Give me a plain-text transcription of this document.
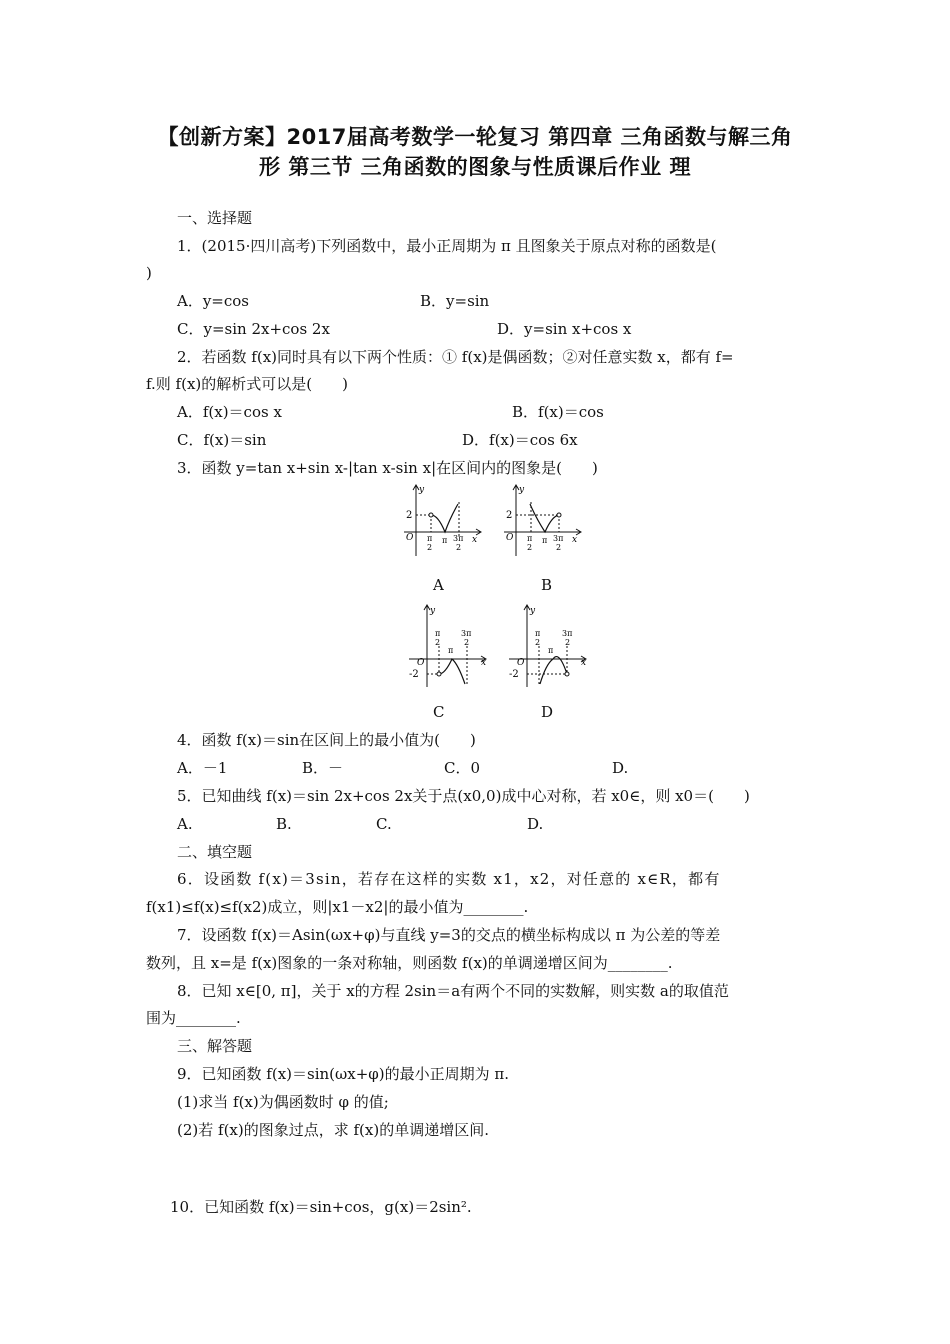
【创新方案】2017届高考数学一轮复习 第四章 三角函数与解三角
形 第三节 三角函数的图象与性质课后作业 理
一、选择题
1．(2015·四川高考)下列函数中，最小正周期为 π 且图象关于原点对称的函数是(
)
A．y=cos	B．y=sin
C．y=sin 2x+cos 2x	D．y=sin x+cos x
2．若函数 f(x)同时具有以下两个性质：① f(x)是偶函数；②对任意实数 x，都有 f=
f.则 f(x)的解析式可以是(　　)
A．f(x)＝cos x	B．f(x)＝cos
C．f(x)＝sin	D．f(x)＝cos 6x
3．函数 y=tan x+sin x-|tan x-sin x|在区间内的图象是(　　)
y
2
O π
2
π 3π
2
x
A
y
2
O π
2
π 3π
2
x
B
y
π
2
π
3π
2
O
-2
x
C
y
π
2
π
3π
2
O
-2
x
D
4．函数 f(x)＝sin在区间上的最小值为(　　)
A．－1	B．－	C．0	D.
5．已知曲线 f(x)＝sin 2x+cos 2x关于点(x0,0)成中心对称，若 x0∈，则 x0＝(　　)
A.	B.	C.	D.
二、填空题
6．设函数 f(x)＝3sin，若存在这样的实数 x1，x2，对任意的 x∈R，都有
f(x1)≤f(x)≤f(x2)成立，则|x1－x2|的最小值为________.
7．设函数 f(x)＝Asin(ωx+φ)与直线 y=3的交点的横坐标构成以 π 为公差的等差
数列，且 x=是 f(x)图象的一条对称轴，则函数 f(x)的单调递增区间为________.
8．已知 x∈[0, π]，关于 x的方程 2sin＝a有两个不同的实数解，则实数 a的取值范
围为________.
三、解答题
9．已知函数 f(x)＝sin(ωx+φ)的最小正周期为 π.
(1)求当 f(x)为偶函数时 φ 的值;
(2)若 f(x)的图象过点，求 f(x)的单调递增区间.
10．已知函数 f(x)＝sin+cos，g(x)＝2sin².
